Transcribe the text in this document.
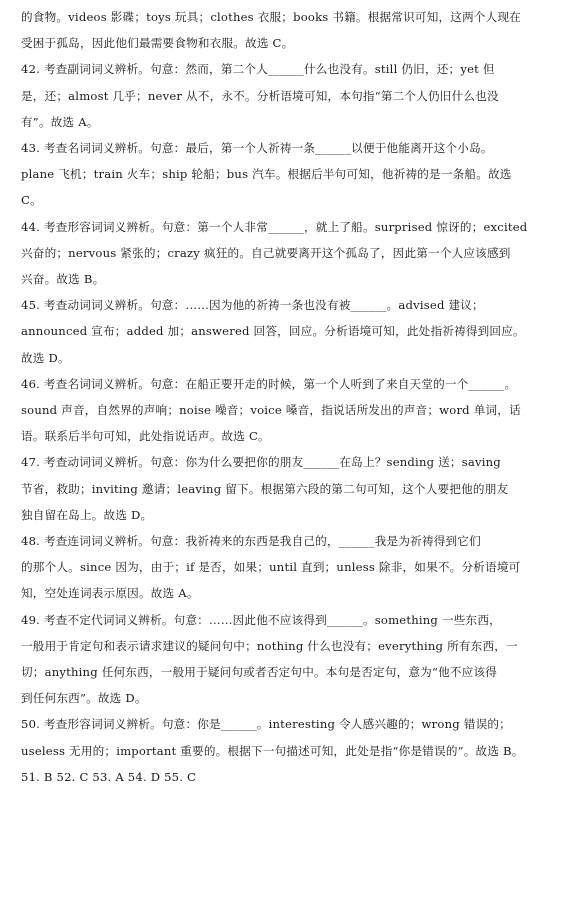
的食物。videos 影碟；toys 玩具；clothes 衣服；books 书籍。根据常识可知，这两个人现在
受困于孤岛，因此他们最需要食物和衣服。故选 C。
42. 考查副词词义辨析。句意：然而，第二个人______什么也没有。still 仍旧，还；yet 但
是，还；almost 几乎；never 从不，永不。分析语境可知，本句指“第二个人仍旧什么也没
有”。故选 A。
43. 考查名词词义辨析。句意：最后，第一个人祈祷一条______以便于他能离开这个小岛。
plane 飞机；train 火车；ship 轮船；bus 汽车。根据后半句可知，他祈祷的是一条船。故选
C。
44. 考查形容词词义辨析。句意：第一个人非常______，就上了船。surprised 惊讶的；excited
兴奋的；nervous 紧张的；crazy 疯狂的。自己就要离开这个孤岛了，因此第一个人应该感到
兴奋。故选 B。
45. 考查动词词义辨析。句意：……因为他的祈祷一条也没有被______。advised 建议；
announced 宣布；added 加；answered 回答，回应。分析语境可知，此处指祈祷得到回应。
故选 D。
46. 考查名词词义辨析。句意：在船正要开走的时候，第一个人听到了来自天堂的一个______。
sound 声音，自然界的声响；noise 噪音；voice 嗓音，指说话所发出的声音；word 单词，话
语。联系后半句可知，此处指说话声。故选 C。
47. 考查动词词义辨析。句意：你为什么要把你的朋友______在岛上？sending 送；saving
节省，救助；inviting 邀请；leaving 留下。根据第六段的第二句可知，这个人要把他的朋友
独自留在岛上。故选 D。
48. 考查连词词义辨析。句意：我祈祷来的东西是我自己的，______我是为祈祷得到它们
的那个人。since 因为，由于；if 是否，如果；until 直到；unless 除非，如果不。分析语境可
知，空处连词表示原因。故选 A。
49. 考查不定代词词义辨析。句意：……因此他不应该得到______。something 一些东西，
一般用于肯定句和表示请求建议的疑问句中；nothing 什么也没有；everything 所有东西，一
切；anything 任何东西，一般用于疑问句或者否定句中。本句是否定句，意为“他不应该得
到任何东西”。故选 D。
50. 考查形容词词义辨析。句意：你是______。interesting 令人感兴趣的；wrong 错误的；
useless 无用的；important 重要的。根据下一句描述可知，此处是指“你是错误的”。故选 B。
51. B 52. C 53. A 54. D 55. C
